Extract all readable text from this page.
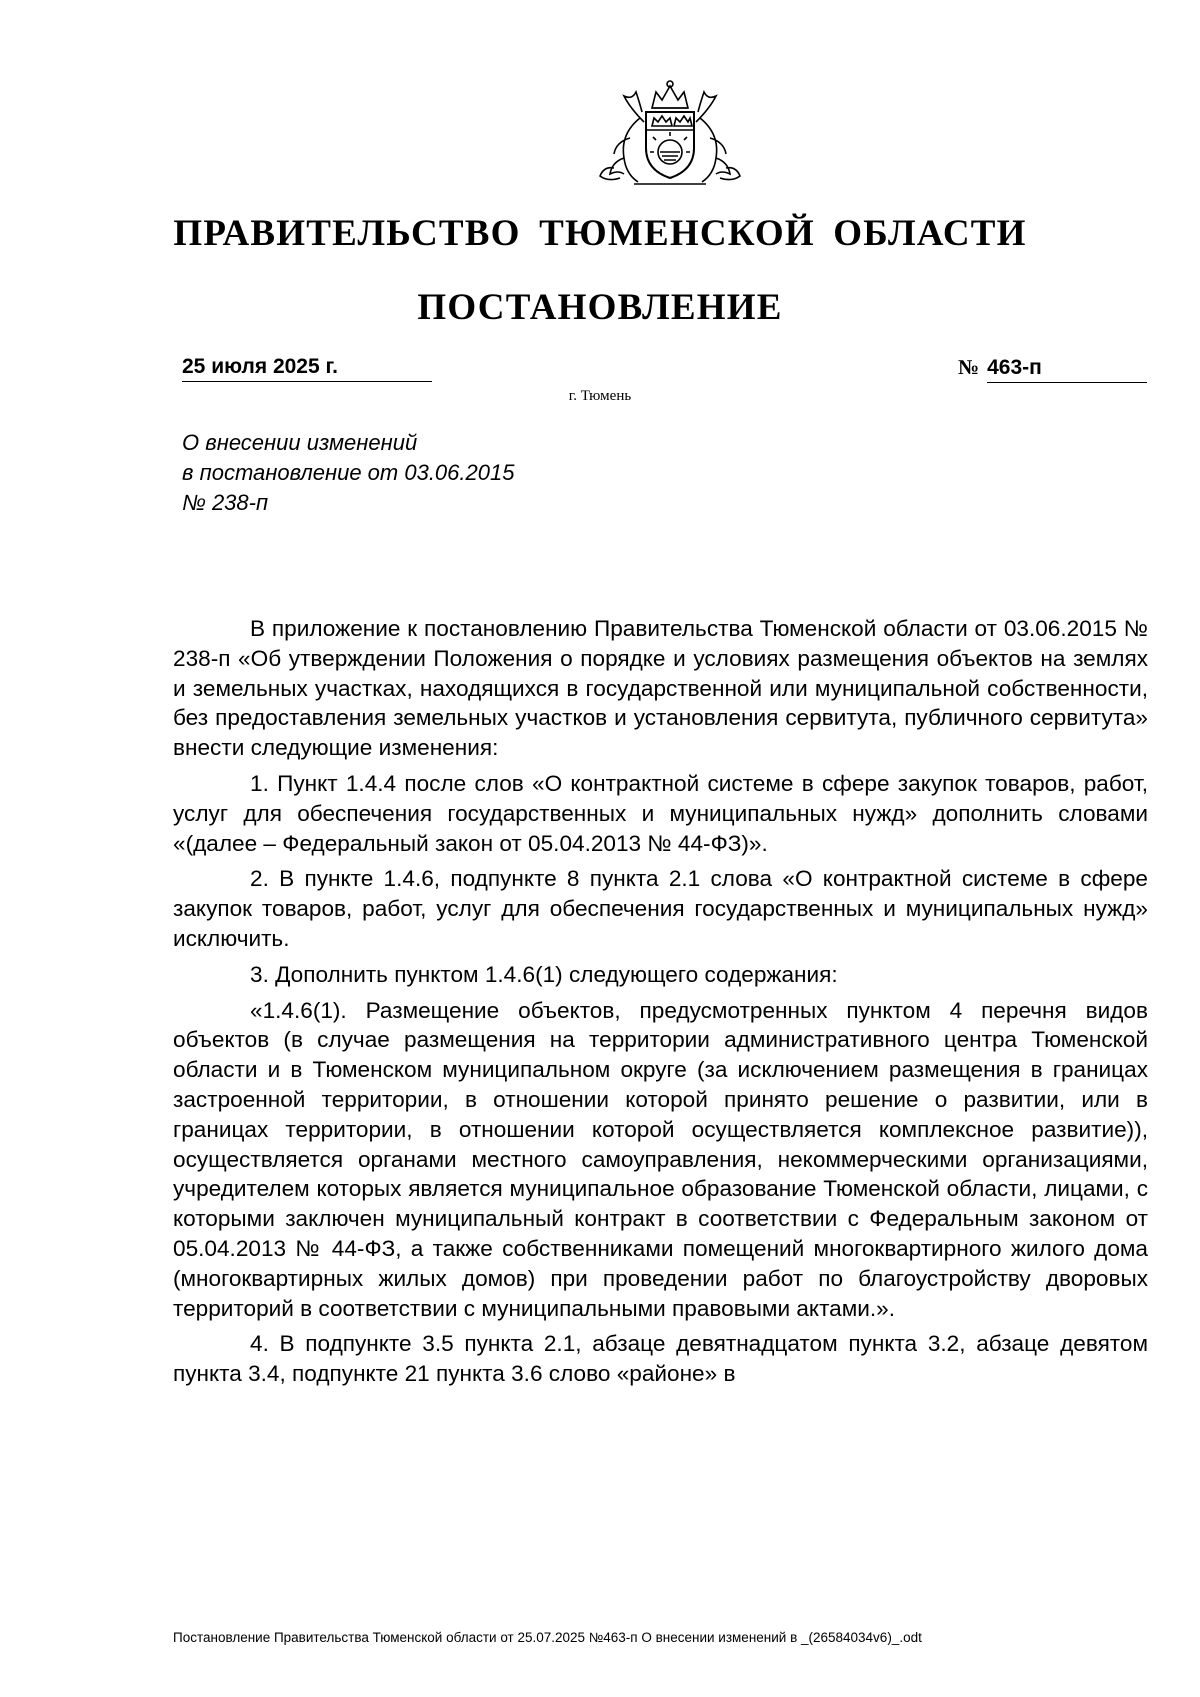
ПРАВИТЕЛЬСТВО ТЮМЕНСКОЙ ОБЛАСТИ
ПОСТАНОВЛЕНИЕ
25 июля 2025 г.	№ 463-п
г. Тюмень
О внесении изменений
в постановление от 03.06.2015
№ 238-п

В приложение к постановлению Правительства Тюменской области от 03.06.2015 № 238-п «Об утверждении Положения о порядке и условиях размещения объектов на землях и земельных участках, находящихся в государственной или муниципальной собственности, без предоставления земельных участков и установления сервитута, публичного сервитута» внести следующие изменения:

1. Пункт 1.4.4 после слов «О контрактной системе в сфере закупок товаров, работ, услуг для обеспечения государственных и муниципальных нужд» дополнить словами «(далее – Федеральный закон от 05.04.2013 № 44-ФЗ)».

2. В пункте 1.4.6, подпункте 8 пункта 2.1 слова «О контрактной системе в сфере закупок товаров, работ, услуг для обеспечения государственных и муниципальных нужд» исключить.

3. Дополнить пунктом 1.4.6(1) следующего содержания:

«1.4.6(1). Размещение объектов, предусмотренных пунктом 4 перечня видов объектов (в случае размещения на территории административного центра Тюменской области и в Тюменском муниципальном округе (за исключением размещения в границах застроенной территории, в отношении которой принято решение о развитии, или в границах территории, в отношении которой осуществляется комплексное развитие)), осуществляется органами местного самоуправления, некоммерческими организациями, учредителем которых является муниципальное образование Тюменской области, лицами, с которыми заключен муниципальный контракт в соответствии с Федеральным законом от 05.04.2013 № 44-ФЗ, а также собственниками помещений многоквартирного жилого дома (многоквартирных жилых домов) при проведении работ по благоустройству дворовых территорий в соответствии с муниципальными правовыми актами.».

4. В подпункте 3.5 пункта 2.1, абзаце девятнадцатом пункта 3.2, абзаце девятом пункта 3.4, подпункте 21 пункта 3.6 слово «районе» в

Постановление Правительства Тюменской области от 25.07.2025 №463-п О внесении изменений в _(26584034v6)_.odt
